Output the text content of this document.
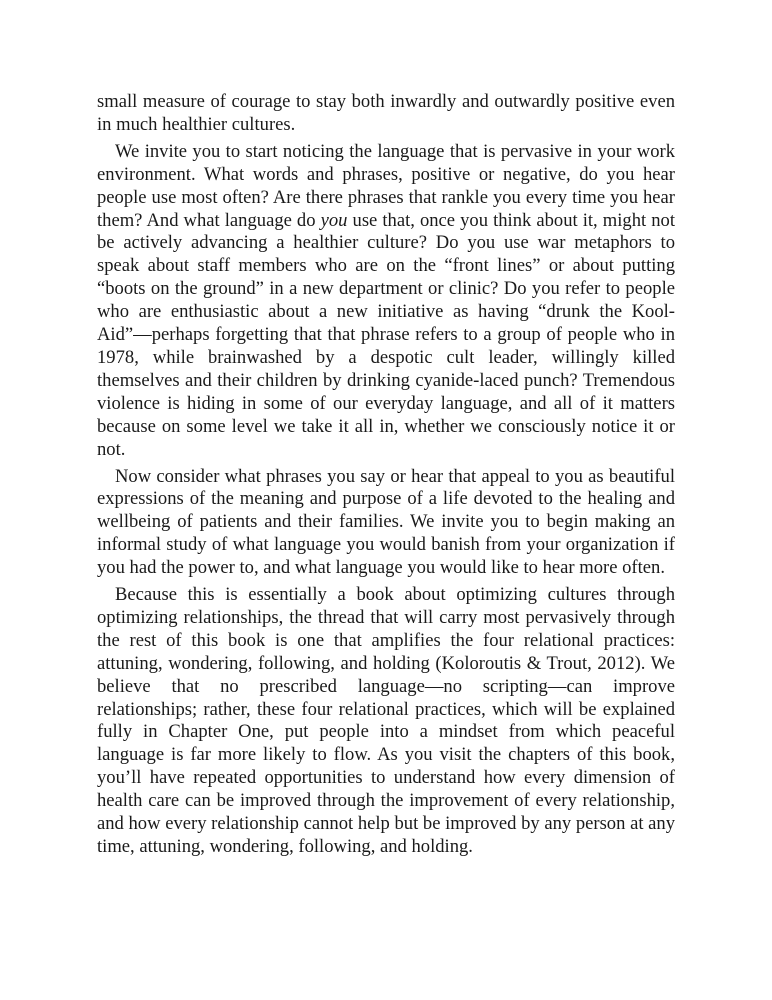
small measure of courage to stay both inwardly and outwardly positive even in much healthier cultures.

We invite you to start noticing the language that is pervasive in your work environment. What words and phrases, positive or negative, do you hear people use most often? Are there phrases that rankle you every time you hear them? And what language do you use that, once you think about it, might not be actively advancing a healthier culture? Do you use war metaphors to speak about staff members who are on the “front lines” or about putting “boots on the ground” in a new department or clinic? Do you refer to people who are enthusiastic about a new initiative as having “drunk the Kool-Aid”—perhaps forgetting that that phrase refers to a group of people who in 1978, while brainwashed by a despotic cult leader, willingly killed themselves and their children by drinking cyanide-laced punch? Tremendous violence is hiding in some of our everyday language, and all of it matters because on some level we take it all in, whether we consciously notice it or not.

Now consider what phrases you say or hear that appeal to you as beautiful expressions of the meaning and purpose of a life devoted to the healing and wellbeing of patients and their families. We invite you to begin making an informal study of what language you would banish from your organization if you had the power to, and what language you would like to hear more often.

Because this is essentially a book about optimizing cultures through optimizing relationships, the thread that will carry most pervasively through the rest of this book is one that amplifies the four relational practices: attuning, wondering, following, and holding (Koloroutis & Trout, 2012). We believe that no prescribed language—no scripting—can improve relationships; rather, these four relational practices, which will be explained fully in Chapter One, put people into a mindset from which peaceful language is far more likely to flow. As you visit the chapters of this book, you’ll have repeated opportunities to understand how every dimension of health care can be improved through the improvement of every relationship, and how every relationship cannot help but be improved by any person at any time, attuning, wondering, following, and holding.
